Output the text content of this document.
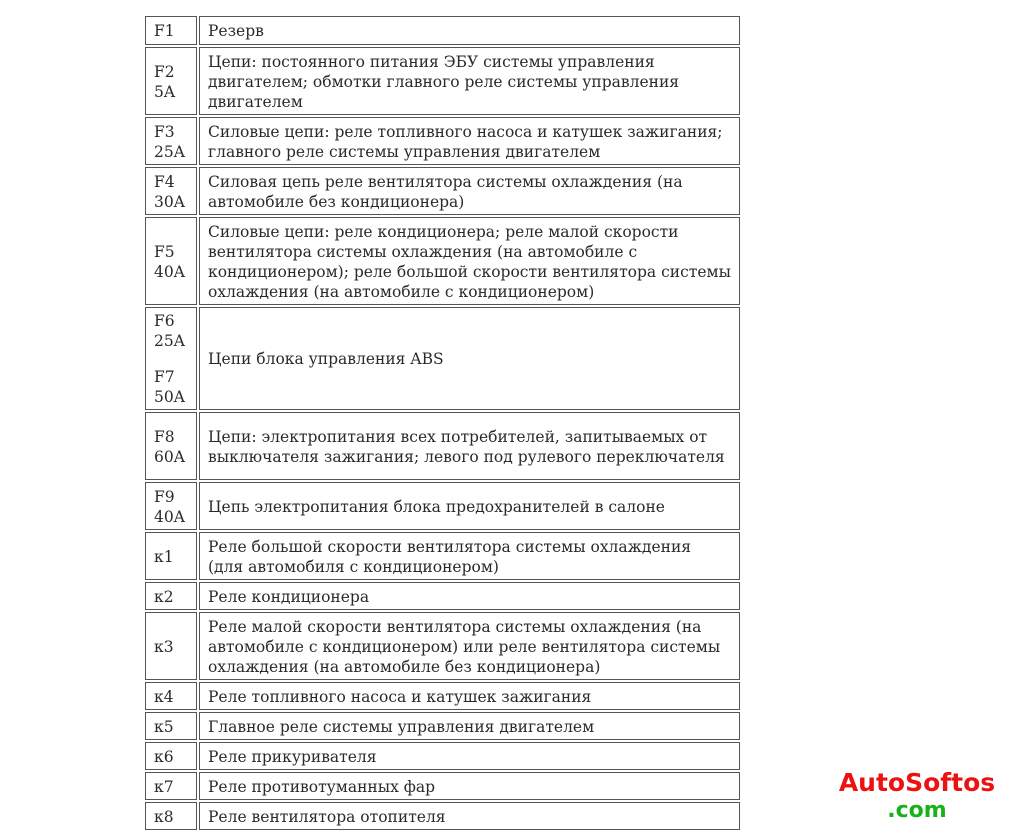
F1	Резерв

F2
5A	Цепи: постоянного питания ЭБУ системы управления двигателем; обмотки главного реле системы управления двигателем

F3
25A	Силовые цепи: реле топливного насоса и катушек зажигания; главного реле системы управления двигателем

F4
30A	Силовая цепь реле вентилятора системы охлаждения (на автомобиле без кондиционера)

F5
40A	Силовые цепи: реле кондиционера; реле малой скорости вентилятора системы охлаждения (на автомобиле с кондиционером); реле большой скорости вентилятора системы охлаждения (на автомобиле с кондиционером)

F6
25A
F7
50A	Цепи блока управления ABS

F8
60A	Цепи: электропитания всех потребителей, запитываемых от выключателя зажигания; левого под рулевого переключателя

F9
40A	Цепь электропитания блока предохранителей в салоне

к1	Реле большой скорости вентилятора системы охлаждения (для автомобиля с кондиционером)

к2	Реле кондиционера

к3	Реле малой скорости вентилятора системы охлаждения (на автомобиле с кондиционером) или реле вентилятора системы охлаждения (на автомобиле без кондиционера)

к4	Реле топливного насоса и катушек зажигания

к5	Главное реле системы управления двигателем

к6	Реле прикуривателя

к7	Реле противотуманных фар

к8	Реле вентилятора отопителя
AutoSoftos
.com
